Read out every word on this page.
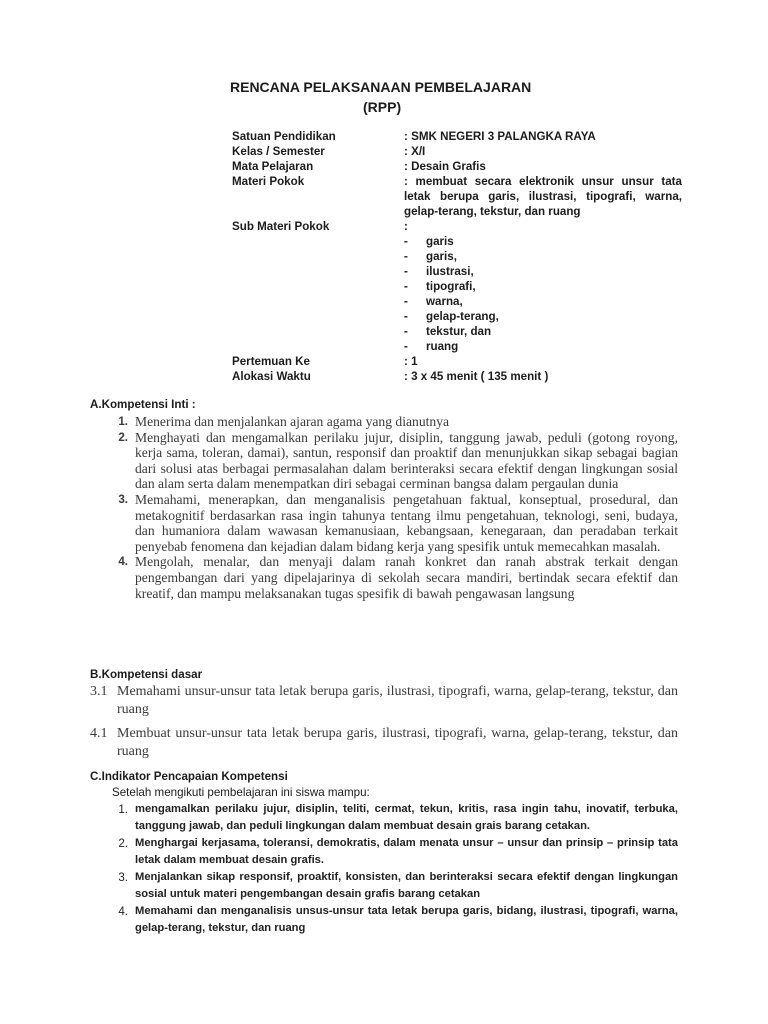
RENCANA PELAKSANAAN PEMBELAJARAN
(RPP)
Satuan Pendidikan	: SMK NEGERI 3 PALANGKA RAYA
Kelas / Semester	: X/I
Mata Pelajaran	: Desain Grafis
Materi Pokok	: membuat secara elektronik unsur unsur tata letak berupa garis, ilustrasi, tipografi, warna, gelap-terang, tekstur, dan ruang
Sub Materi Pokok	:
-	garis
-	garis,
-	ilustrasi,
-	tipografi,
-	warna,
-	gelap-terang,
-	tekstur, dan
-	ruang
Pertemuan Ke	: 1
Alokasi Waktu	: 3 x 45 menit ( 135 menit )
A.Kompetensi Inti :
1. Menerima dan menjalankan ajaran agama yang dianutnya
2. Menghayati dan mengamalkan perilaku jujur, disiplin, tanggung jawab, peduli (gotong royong, kerja sama, toleran, damai), santun, responsif dan proaktif dan menunjukkan sikap sebagai bagian dari solusi atas berbagai permasalahan dalam berinteraksi secara efektif dengan lingkungan sosial dan alam serta dalam menempatkan diri sebagai cerminan bangsa dalam pergaulan dunia
3. Memahami, menerapkan, dan menganalisis pengetahuan faktual, konseptual, prosedural, dan metakognitif berdasarkan rasa ingin tahunya tentang ilmu pengetahuan, teknologi, seni, budaya, dan humaniora dalam wawasan kemanusiaan, kebangsaan, kenegaraan, dan peradaban terkait penyebab fenomena dan kejadian dalam bidang kerja yang spesifik untuk memecahkan masalah.
4. Mengolah, menalar, dan menyaji dalam ranah konkret dan ranah abstrak terkait dengan pengembangan dari yang dipelajarinya di sekolah secara mandiri, bertindak secara efektif dan kreatif, dan mampu melaksanakan tugas spesifik di bawah pengawasan langsung
B.Kompetensi dasar
3.1 Memahami unsur-unsur tata letak berupa garis, ilustrasi, tipografi, warna, gelap-terang, tekstur, dan ruang
4.1 Membuat unsur-unsur tata letak berupa garis, ilustrasi, tipografi, warna, gelap-terang, tekstur, dan ruang
C.Indikator Pencapaian Kompetensi
Setelah mengikuti pembelajaran ini siswa mampu:
1. mengamalkan perilaku jujur, disiplin, teliti, cermat, tekun, kritis, rasa ingin tahu, inovatif, terbuka, tanggung jawab, dan peduli lingkungan dalam membuat desain grais barang cetakan.
2. Menghargai kerjasama, toleransi, demokratis, dalam menata unsur – unsur dan prinsip – prinsip tata letak dalam membuat desain grafis.
3. Menjalankan sikap responsif, proaktif, konsisten, dan berinteraksi secara efektif dengan lingkungan sosial untuk materi pengembangan desain grafis barang cetakan
4. Memahami dan menganalisis unsus-unsur tata letak berupa garis, bidang, ilustrasi, tipografi, warna, gelap-terang, tekstur, dan ruang
